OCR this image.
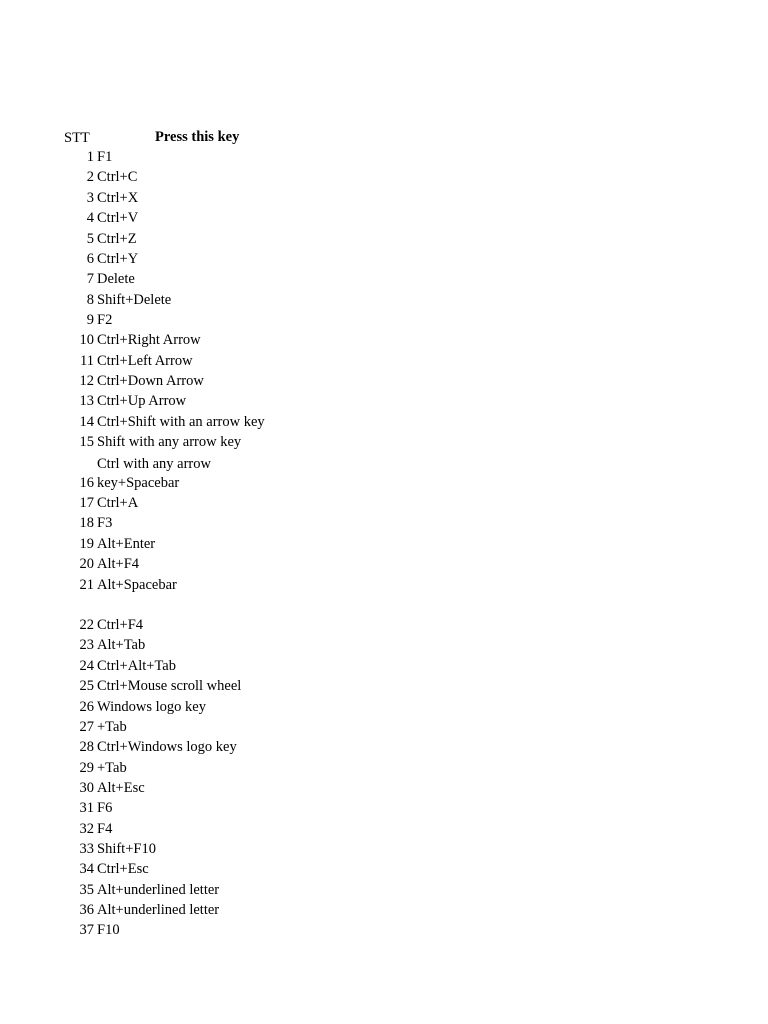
STT	Press this key
1 F1
2 Ctrl+C
3 Ctrl+X
4 Ctrl+V
5 Ctrl+Z
6 Ctrl+Y
7 Delete
8 Shift+Delete
9 F2
10 Ctrl+Right Arrow
11 Ctrl+Left Arrow
12 Ctrl+Down Arrow
13 Ctrl+Up Arrow
14 Ctrl+Shift with an arrow key
15 Shift with any arrow key
16
Ctrl with any arrow
key+Spacebar
17 Ctrl+A
18 F3
19 Alt+Enter
20 Alt+F4
21 Alt+Spacebar
22 Ctrl+F4
23 Alt+Tab
24 Ctrl+Alt+Tab
25 Ctrl+Mouse scroll wheel
26 Windows logo key
27 +Tab
28 Ctrl+Windows logo key
29 +Tab
30 Alt+Esc
31 F6
32 F4
33 Shift+F10
34 Ctrl+Esc
35 Alt+underlined letter
36 Alt+underlined letter
37 F10
